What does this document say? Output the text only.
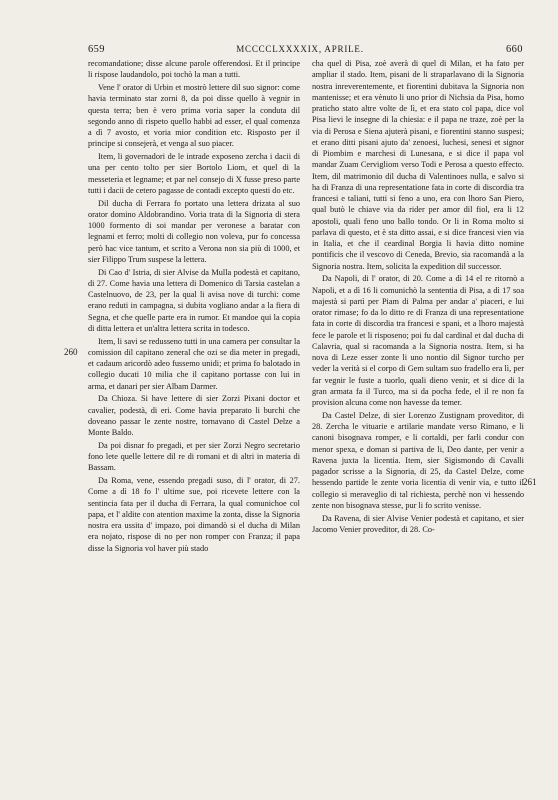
659	MCCCCLXXXXIX, APRILE.	660
260
261

recomandatione; disse alcune parole offerendosi. Et il principe li rispose laudandolo, poi tochò la man a tutti.

Vene l' orator di Urbin et mostrò lettere dil suo signor: come havia terminato star zorni 8, da poi disse quello à vegnir in questa terra; ben è vero prima voria saper la conduta dil segondo anno di rispeto quello habbi ad esser, el qual comenza a dì 7 avosto, et voria mior condition etc. Risposto per il principe si consejerà, et venga al suo piacer.

Item, li governadori de le intrade exposeno zercha i dacii di una per cento tolto per sier Bortolo Liom, et quel di la messeteria et legname; et par nel consejo di X fusse preso parte tutti i dacii de cetero pagasse de contadi excepto questi do etc.

Dil ducha di Ferrara fo portato una lettera drizata al suo orator domino Aldobrandino. Voria trata di la Signoria di stera 1000 formento di soi mandar per veronese a baratar con legnami et ferro; molti di collegio non voleva, pur fo concessa però hac vice tantum, et scrito a Verona non sia più di 1000, et sier Filippo Trum suspese la lettera.

Di Cao d' Istria, di sier Alvise da Mulla podestà et capitano, di 27. Come havia una lettera di Domenico di Tarsia castelan a Castelnuovo, de 23, per la qual li avisa nove di turchi: come erano reduti in campagna, si dubita vogliano andar a la fiera di Segna, et che quelle parte era in rumor. Et mandoe qui la copia di ditta lettera et un'altra lettera scrita in todesco.

Item, li savi se redusseno tutti in una camera per consultar la comission dil capitano zeneral che ozi se dia meter in pregadi, et cadaum aricordò adeo fussemo unidi; et prima fo balotado in collegio ducati 10 milia che il capitano portasse con lui in arma, et danari per sier Albam Darmer.

Da Chioza. Si have lettere di sier Zorzi Pixani doctor et cavalier, podestà, di eri. Come havia preparato li burchi che doveano passar le zente nostre, tornavano di Castel Delze a Monte Baldo.

Da poi disnar fo pregadi, et per sier Zorzi Negro secretario fono lete quelle lettere dil re di romani et di altri in materia di Bassam.

Da Roma, vene, essendo pregadi suso, di l' orator, di 27. Come a dì 18 fo l' ultime sue, poi ricevete lettere con la sentincia fata per il ducha di Ferrara, la qual comunichoe col papa, et l' aldite con atention maxime la zonta, disse la Signoria nostra era ussita d' impazo, poi dimandò si el ducha di Milan era nojato, rispose di no per non romper con Franza; il papa disse la Signoria vol haver più stado

cha quel di Pisa, zoè averà di quel di Milan, et ha fato per ampliar il stado. Item, pisani de li straparlavano di la Signoria nostra inreverentemente, et fiorentini dubitava la Signoria non mantenisse; et era vènuto li uno prior di Nichsia da Pisa, homo praticho stato altre volte de lì, et era stato col papa, dice vol Pisa lievi le insegne di la chiesia: e il papa ne traze, zoè per la via di Perosa e Siena ajuterà pisani, e fiorentini stanno suspesi; et erano ditti pisani ajuto da' zenoesi, luchesi, senesi et signor di Piombim e marchesi di Lunesana, e si dice il papa vol mandar Zuam Cervigliom verso Todi e Perosa a questo effecto. Item, dil matrimonio dil ducha di Valentinoes nulla, e salvo si ha di Franza di una representatione fata in corte di discordia tra francesi e taliani, tutti si feno a uno, era con lhoro San Piero, qual butò le chiave via da rider per amor dil fiol, era li 12 apostoli, quali feno uno ballo tondo. Or li in Roma molto si parlava di questo, et è sta ditto assai, e si dice francesi vien via in Italia, et che il ceardinal Borgia li havia ditto nomine pontificis che il vescovo di Ceneda, Brevio, sia racomandà a la Signoria nostra. Item, solicita la expedition dil successor.

Da Napoli, di l' orator, di 20. Come a dì 14 el re ritornò a Napoli, et a dì 16 li comunichò la sententia di Pisa, a dì 17 soa majestà si partì per Piam di Palma per andar a' piaceri, e lui orator rimase; fo da lo ditto re di Franza di una representatione fata in corte di discordia tra francesi e spani, et a lhoro majestà fece le parole et li risposeno; poi fu dal cardinal et dal ducha di Calavria, qual si racomanda a la Signoria nostra. Item, si ha nova di Leze esser zonte li uno nontio dil Signor turcho per veder la verità si el corpo di Gem sultam suo fradello era lì, per far vegnir le fuste a tuorlo, quali dieno venir, et si dice di la gran armata fa il Turco, ma si da pocha fede, el il re non fa provision alcuna come non havesse da temer.

Da Castel Delze, di sier Lorenzo Zustignam proveditor, di 28. Zercha le vituarie e artilarie mandate verso Rimano, e li canoni bisognava romper, e li cortaldi, per farli condur con menor spexa, e doman si partiva de li, Deo dante, per venir a Ravena juxta la licentia. Item, sier Sigismondo di Cavalli pagador scrisse a la Signoria, di 25, da Castel Delze, come hessendo partide le zente voria licentia di venir via, e tutto il collegio si meraveglio di tal richiesta, perchè non vi hessendo zente non bisognava stesse, pur li fo scrito venisse.

Da Ravena, di sier Alvise Venier podestà et capitano, et sier Jacomo Venier proveditor, di 28. Co-
